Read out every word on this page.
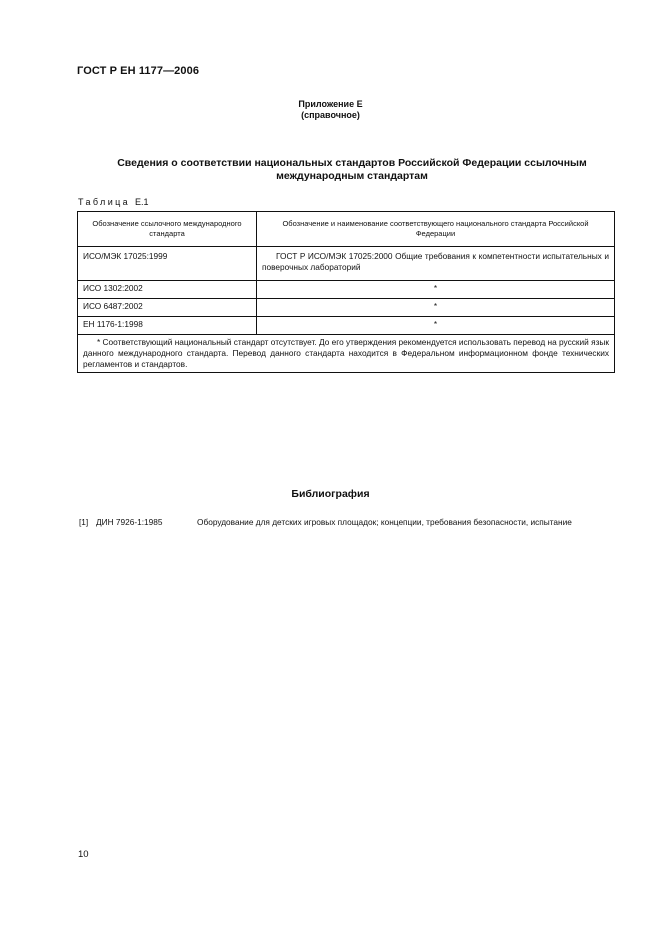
ГОСТ Р ЕН 1177—2006
Приложение Е
(справочное)
Сведения о соответствии национальных стандартов Российской Федерации ссылочным международным стандартам
Таблица Е.1
Обозначение ссылочного международного стандарта	Обозначение и наименование соответствующего национального стандарта Российской Федерации
ИСО/МЭК 17025:1999	ГОСТ Р ИСО/МЭК 17025:2000 Общие требования к компетентности испытательных и поверочных лабораторий
ИСО 1302:2002	*
ИСО 6487:2002	*
ЕН 1176-1:1998	*
* Соответствующий национальный стандарт отсутствует. До его утверждения рекомендуется использовать перевод на русский язык данного международного стандарта. Перевод данного стандарта находится в Федеральном информационном фонде технических регламентов и стандартов.	
Библиография
[1] ДИН 7926-1:1985	Оборудование для детских игровых площадок; концепции, требования безопасности, испытание
10
